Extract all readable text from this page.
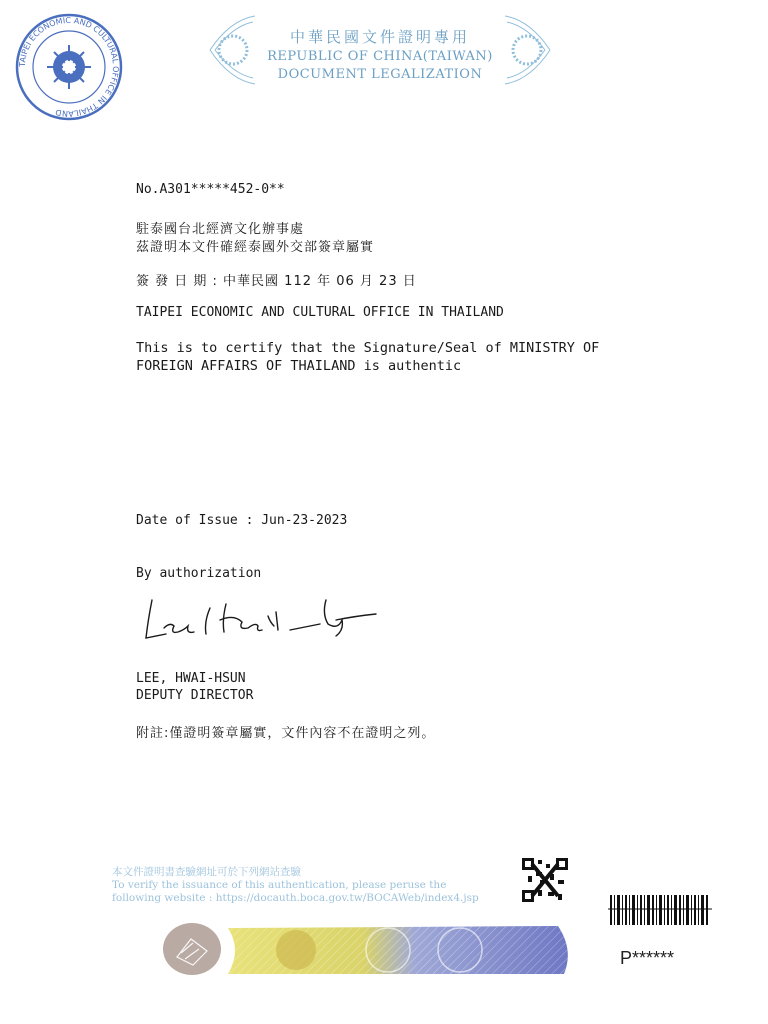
TAIPEI ECONOMIC AND CULTURAL OFFICE IN THAILAND
中華民國文件證明專用
REPUBLIC OF CHINA(TAIWAN)
DOCUMENT LEGALIZATION
No.A301*****452-0**
駐泰國台北經濟文化辦事處
茲證明本文件確經泰國外交部簽章屬實
簽 發 日 期 : 中華民國 112 年 06 月 23 日
TAIPEI ECONOMIC AND CULTURAL OFFICE IN THAILAND
This is to certify that the Signature/Seal of MINISTRY OF
FOREIGN AFFAIRS OF THAILAND is authentic
Date of Issue : Jun-23-2023
By authorization
LEE, HWAI-HSUN
DEPUTY DIRECTOR
附註:僅證明簽章屬實，文件內容不在證明之列。
本文件證明書查驗網址可於下列網站查驗
To verify the issuance of this authentication, please peruse the
following website : https://docauth.boca.gov.tw/BOCAWeb/index4.jsp
P******
